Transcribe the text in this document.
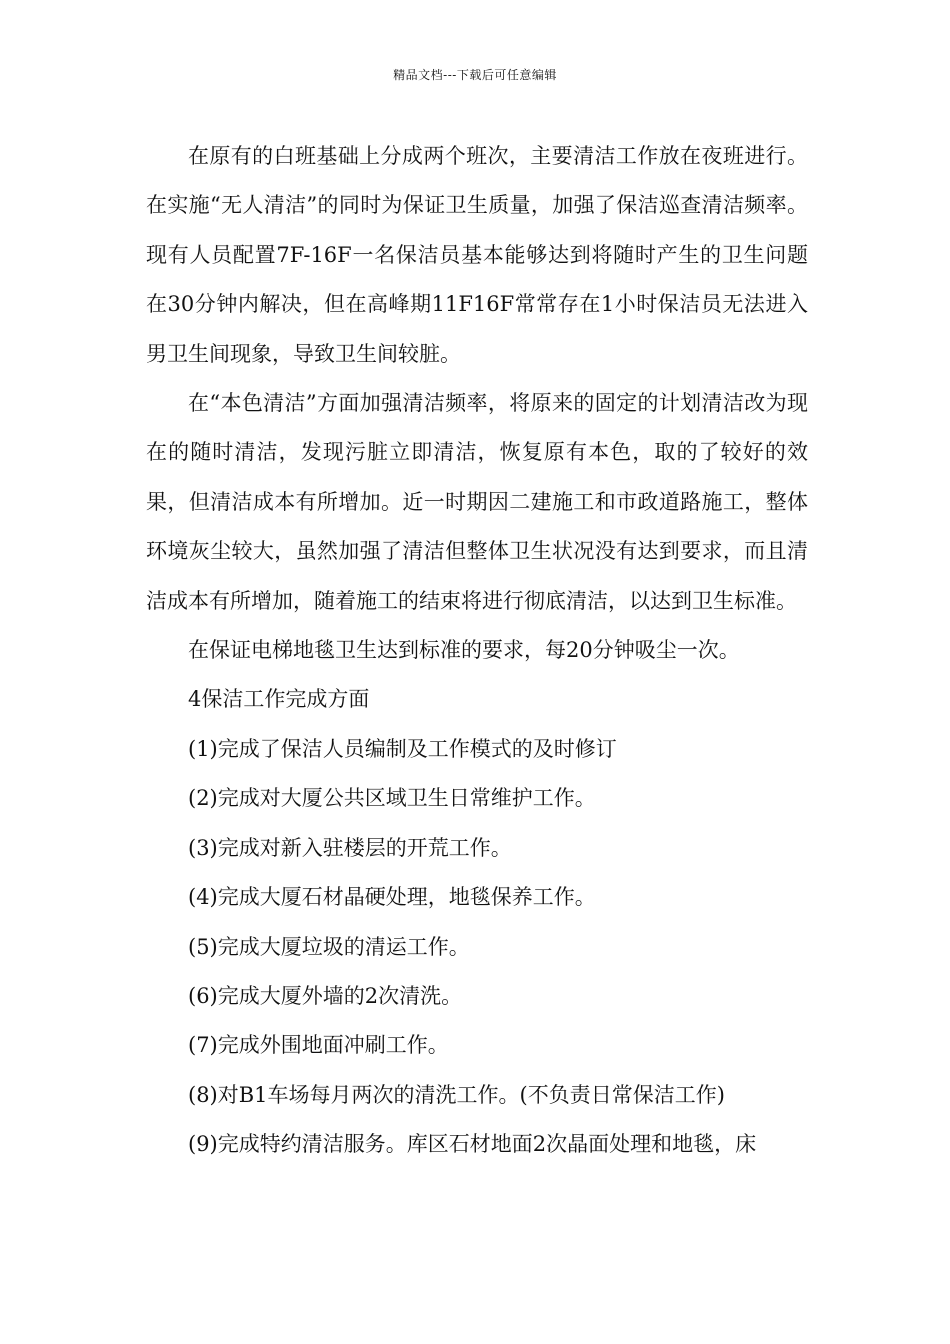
精品文档---下载后可任意编辑

在原有的白班基础上分成两个班次，主要清洁工作放在夜班进行。在实施“无人清洁”的同时为保证卫生质量，加强了保洁巡查清洁频率。现有人员配置7F-16F一名保洁员基本能够达到将随时产生的卫生问题在30分钟内解决，但在高峰期11F16F常常存在1小时保洁员无法进入男卫生间现象，导致卫生间较脏。

在“本色清洁”方面加强清洁频率，将原来的固定的计划清洁改为现在的随时清洁，发现污脏立即清洁，恢复原有本色，取的了较好的效果，但清洁成本有所增加。近一时期因二建施工和市政道路施工，整体环境灰尘较大，虽然加强了清洁但整体卫生状况没有达到要求，而且清洁成本有所增加，随着施工的结束将进行彻底清洁，以达到卫生标准。

在保证电梯地毯卫生达到标准的要求，每20分钟吸尘一次。

4保洁工作完成方面

(1)完成了保洁人员编制及工作模式的及时修订

(2)完成对大厦公共区域卫生日常维护工作。

(3)完成对新入驻楼层的开荒工作。

(4)完成大厦石材晶硬处理，地毯保养工作。

(5)完成大厦垃圾的清运工作。

(6)完成大厦外墙的2次清洗。

(7)完成外围地面冲刷工作。

(8)对B1车场每月两次的清洗工作。(不负责日常保洁工作)

(9)完成特约清洁服务。库区石材地面2次晶面处理和地毯，床
